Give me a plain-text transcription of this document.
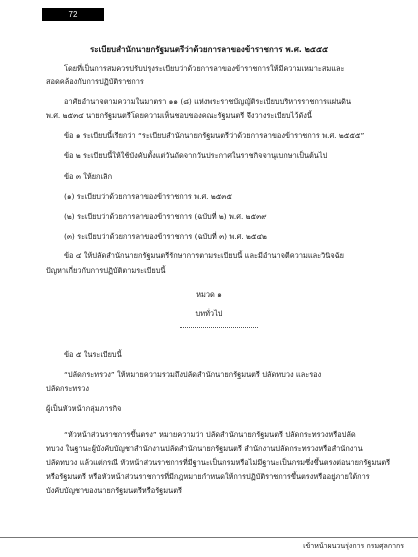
72
ระเบียบสำนักนายกรัฐมนตรีว่าด้วยการลาของข้าราชการ พ.ศ. ๒๕๕๕
โดยที่เป็นการสมควรปรับปรุงระเบียบว่าด้วยการลาของข้าราชการให้มีความเหมาะสมและ
สอดคล้องกับการปฏิบัติราชการ
อาศัยอำนาจตามความในมาตรา ๑๑ (๘) แห่งพระราชบัญญัติระเบียบบริหารราชการแผ่นดิน
พ.ศ. ๒๕๓๔ นายกรัฐมนตรีโดยความเห็นชอบของคณะรัฐมนตรี จึงวางระเบียบไว้ดังนี้
ข้อ ๑ ระเบียบนี้เรียกว่า “ระเบียบสำนักนายกรัฐมนตรีว่าด้วยการลาของข้าราชการ พ.ศ. ๒๕๕๕”
ข้อ ๒ ระเบียบนี้ให้ใช้บังคับตั้งแต่วันถัดจากวันประกาศในราชกิจจานุเบกษาเป็นต้นไป
ข้อ ๓ ให้ยกเลิก
(๑) ระเบียบว่าด้วยการลาของข้าราชการ พ.ศ. ๒๕๓๕
(๒) ระเบียบว่าด้วยการลาของข้าราชการ (ฉบับที่ ๒) พ.ศ. ๒๕๓๙
(๓) ระเบียบว่าด้วยการลาของข้าราชการ (ฉบับที่ ๓) พ.ศ. ๒๕๔๒
ข้อ ๔ ให้ปลัดสำนักนายกรัฐมนตรีรักษาการตามระเบียบนี้ และมีอำนาจตีความและวินิจฉัย
ปัญหาเกี่ยวกับการปฏิบัติตามระเบียบนี้
หมวด ๑
บททั่วไป
ข้อ ๕ ในระเบียบนี้
“ปลัดกระทรวง” ให้หมายความรวมถึงปลัดสำนักนายกรัฐมนตรี ปลัดทบวง และรอง
ปลัดกระทรวง
ผู้เป็นหัวหน้ากลุ่มภารกิจ
“หัวหน้าส่วนราชการขึ้นตรง” หมายความว่า ปลัดสำนักนายกรัฐมนตรี ปลัดกระทรวงหรือปลัด
ทบวง ในฐานะผู้บังคับบัญชาสำนักงานปลัดสำนักนายกรัฐมนตรี สำนักงานปลัดกระทรวงหรือสำนักงาน
ปลัดทบวง แล้วแต่กรณี หัวหน้าส่วนราชการที่มีฐานะเป็นกรมหรือไม่มีฐานะเป็นกรมซึ่งขึ้นตรงต่อนายกรัฐมนตรี
หรือรัฐมนตรี หรือหัวหน้าส่วนราชการที่มีกฎหมายกำหนดให้การปฏิบัติราชการขึ้นตรงหรืออยู่ภายใต้การ
บังคับบัญชาของนายกรัฐมนตรีหรือรัฐมนตรี
เข้าหน้าผนวนรุ่งการ กรมศุลกากร
